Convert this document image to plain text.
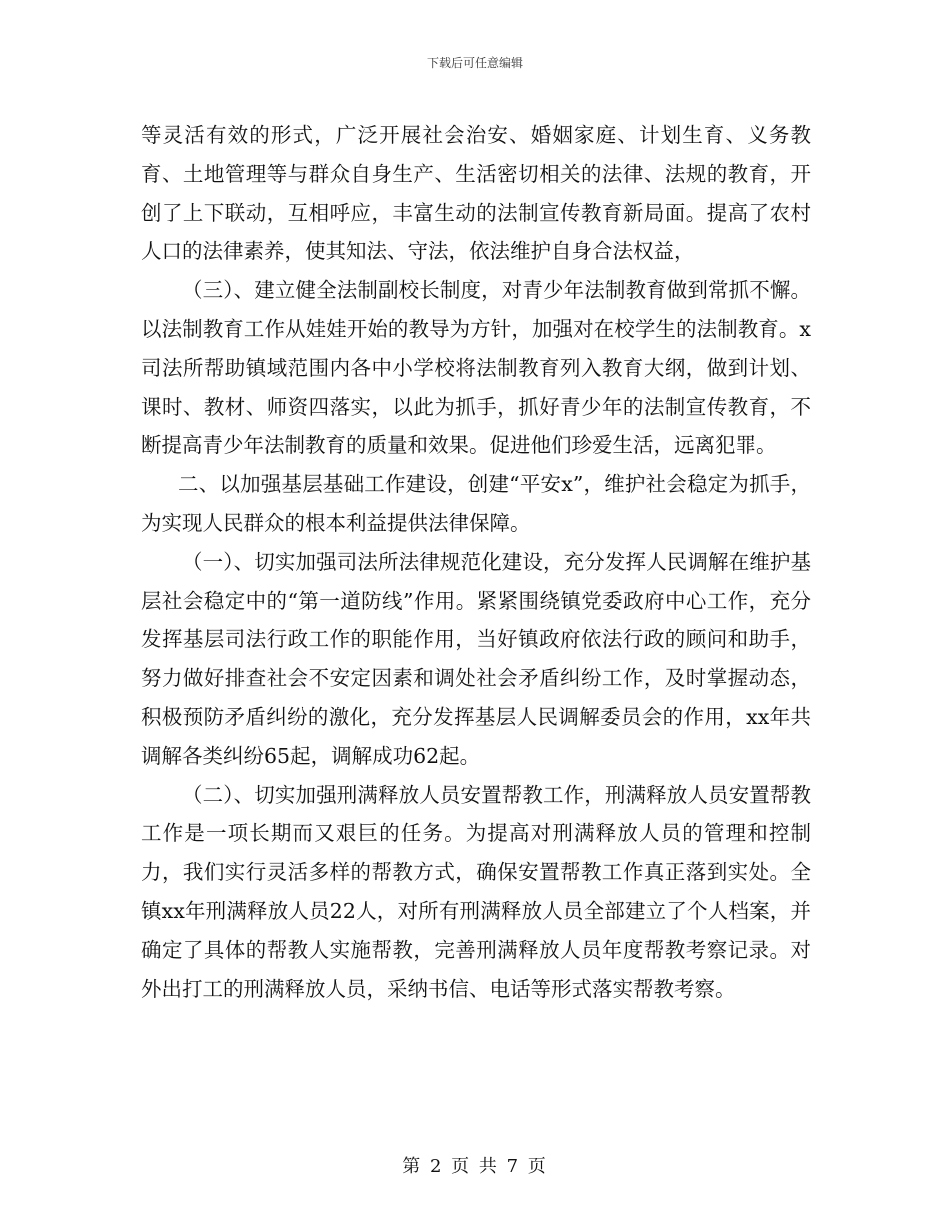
下载后可任意编辑

等灵活有效的形式，广泛开展社会治安、婚姻家庭、计划生育、义务教育、土地管理等与群众自身生产、生活密切相关的法律、法规的教育，开创了上下联动，互相呼应，丰富生动的法制宣传教育新局面。提高了农村人口的法律素养，使其知法、守法，依法维护自身合法权益，

（三）、建立健全法制副校长制度，对青少年法制教育做到常抓不懈。以法制教育工作从娃娃开始的教导为方针，加强对在校学生的法制教育。x司法所帮助镇域范围内各中小学校将法制教育列入教育大纲，做到计划、课时、教材、师资四落实，以此为抓手，抓好青少年的法制宣传教育，不断提高青少年法制教育的质量和效果。促进他们珍爱生活，远离犯罪。

二、以加强基层基础工作建设，创建“平安x”，维护社会稳定为抓手，为实现人民群众的根本利益提供法律保障。

（一）、切实加强司法所法律规范化建设，充分发挥人民调解在维护基层社会稳定中的“第一道防线”作用。紧紧围绕镇党委政府中心工作，充分发挥基层司法行政工作的职能作用，当好镇政府依法行政的顾问和助手，努力做好排查社会不安定因素和调处社会矛盾纠纷工作，及时掌握动态，积极预防矛盾纠纷的激化，充分发挥基层人民调解委员会的作用，xx年共调解各类纠纷65起，调解成功62起。

（二）、切实加强刑满释放人员安置帮教工作，刑满释放人员安置帮教工作是一项长期而又艰巨的任务。为提高对刑满释放人员的管理和控制力，我们实行灵活多样的帮教方式，确保安置帮教工作真正落到实处。全镇xx年刑满释放人员22人，对所有刑满释放人员全部建立了个人档案，并确定了具体的帮教人实施帮教，完善刑满释放人员年度帮教考察记录。对外出打工的刑满释放人员，采纳书信、电话等形式落实帮教考察。

第 2 页 共 7 页
